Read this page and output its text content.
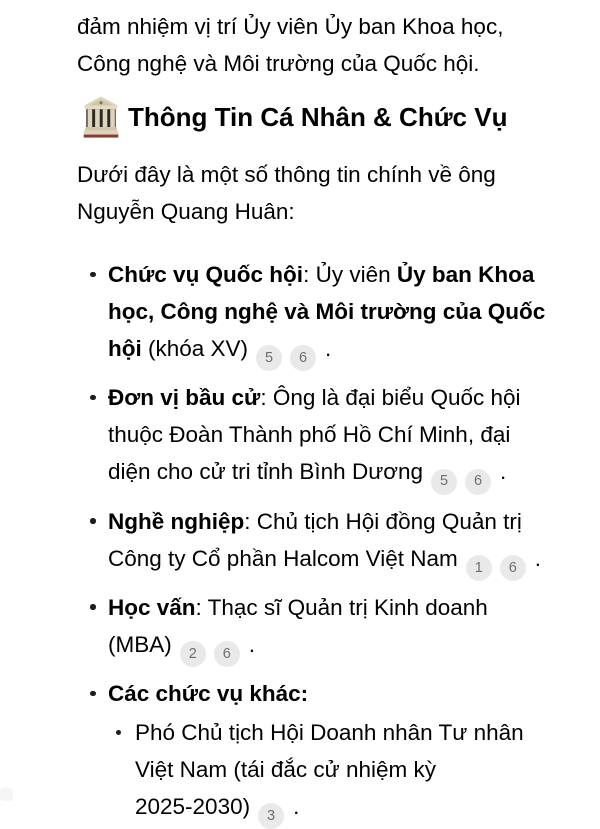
đảm nhiệm vị trí Ủy viên Ủy ban Khoa học,
Công nghệ và Môi trường của Quốc hội.

Thông Tin Cá Nhân & Chức Vụ

Dưới đây là một số thông tin chính về ông
Nguyễn Quang Huân:

Chức vụ Quốc hội: Ủy viên Ủy ban Khoa
học, Công nghệ và Môi trường của Quốc
hội (khóa XV) 5 6 .
Đơn vị bầu cử: Ông là đại biểu Quốc hội
thuộc Đoàn Thành phố Hồ Chí Minh, đại
diện cho cử tri tỉnh Bình Dương 5 6 .
Nghề nghiệp: Chủ tịch Hội đồng Quản trị
Công ty Cổ phần Halcom Việt Nam 1 6 .
Học vấn: Thạc sĩ Quản trị Kinh doanh
(MBA) 2 6 .
Các chức vụ khác:
Phó Chủ tịch Hội Doanh nhân Tư nhân
Việt Nam (tái đắc cử nhiệm kỳ
2025-2030) 3 .
